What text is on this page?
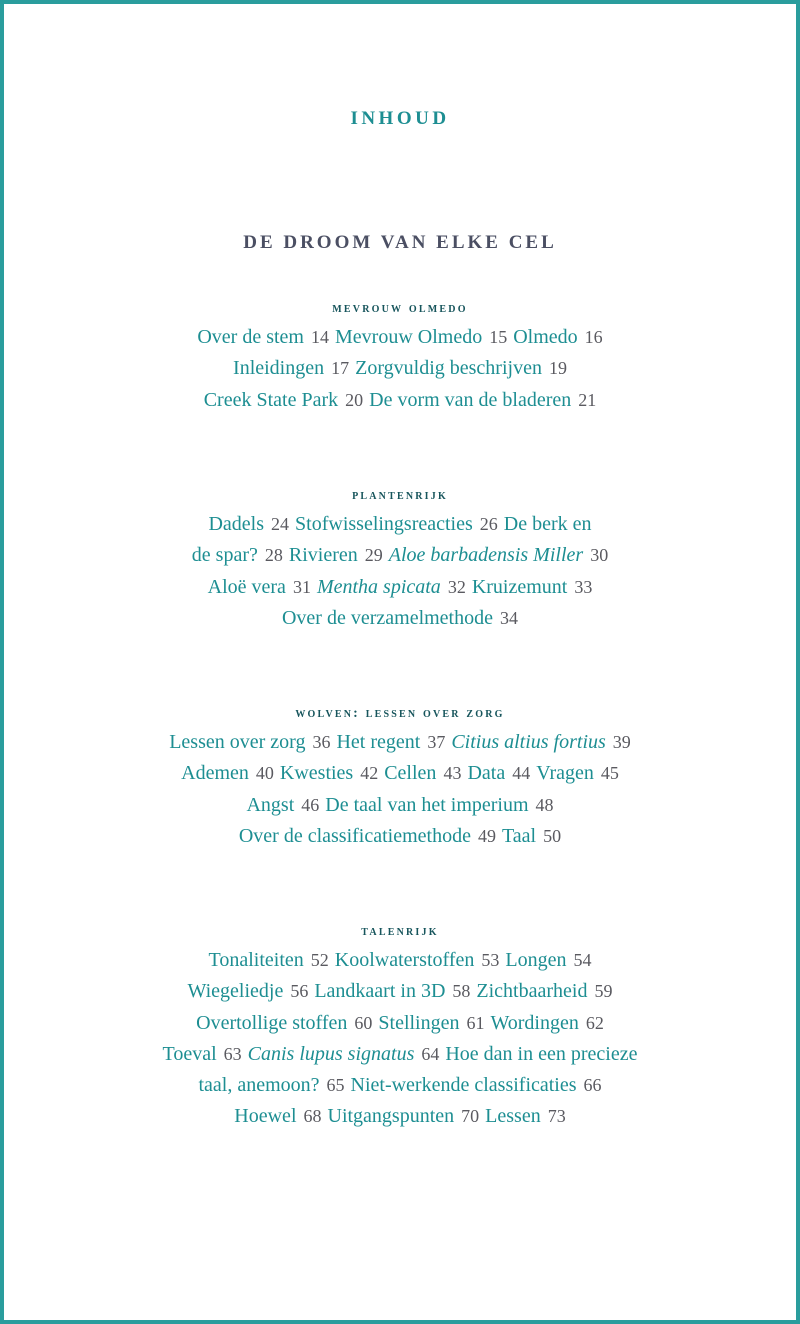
INHOUD
DE DROOM VAN ELKE CEL
mevrouw olmedo
Over de stem 14 Mevrouw Olmedo 15 Olmedo 16
Inleidingen 17 Zorgvuldig beschrijven 19
Creek State Park 20 De vorm van de bladeren 21
plantenrijk
Dadels 24 Stofwisselingsreacties 26 De berk en
de spar? 28 Rivieren 29 Aloe barbadensis Miller 30
Aloë vera 31 Mentha spicata 32 Kruizemunt 33
Over de verzamelmethode 34
wolven: lessen over zorg
Lessen over zorg 36 Het regent 37 Citius altius fortius 39
Ademen 40 Kwesties 42 Cellen 43 Data 44 Vragen 45
Angst 46 De taal van het imperium 48
Over de classificatiemethode 49 Taal 50
talenrijk
Tonaliteiten 52 Koolwaterstoffen 53 Longen 54
Wiegeliedje 56 Landkaart in 3D 58 Zichtbaarheid 59
Overtollige stoffen 60 Stellingen 61 Wordingen 62
Toeval 63 Canis lupus signatus 64 Hoe dan in een precieze
taal, anemoon? 65 Niet-werkende classificaties 66
Hoewel 68 Uitgangspunten 70 Lessen 73
